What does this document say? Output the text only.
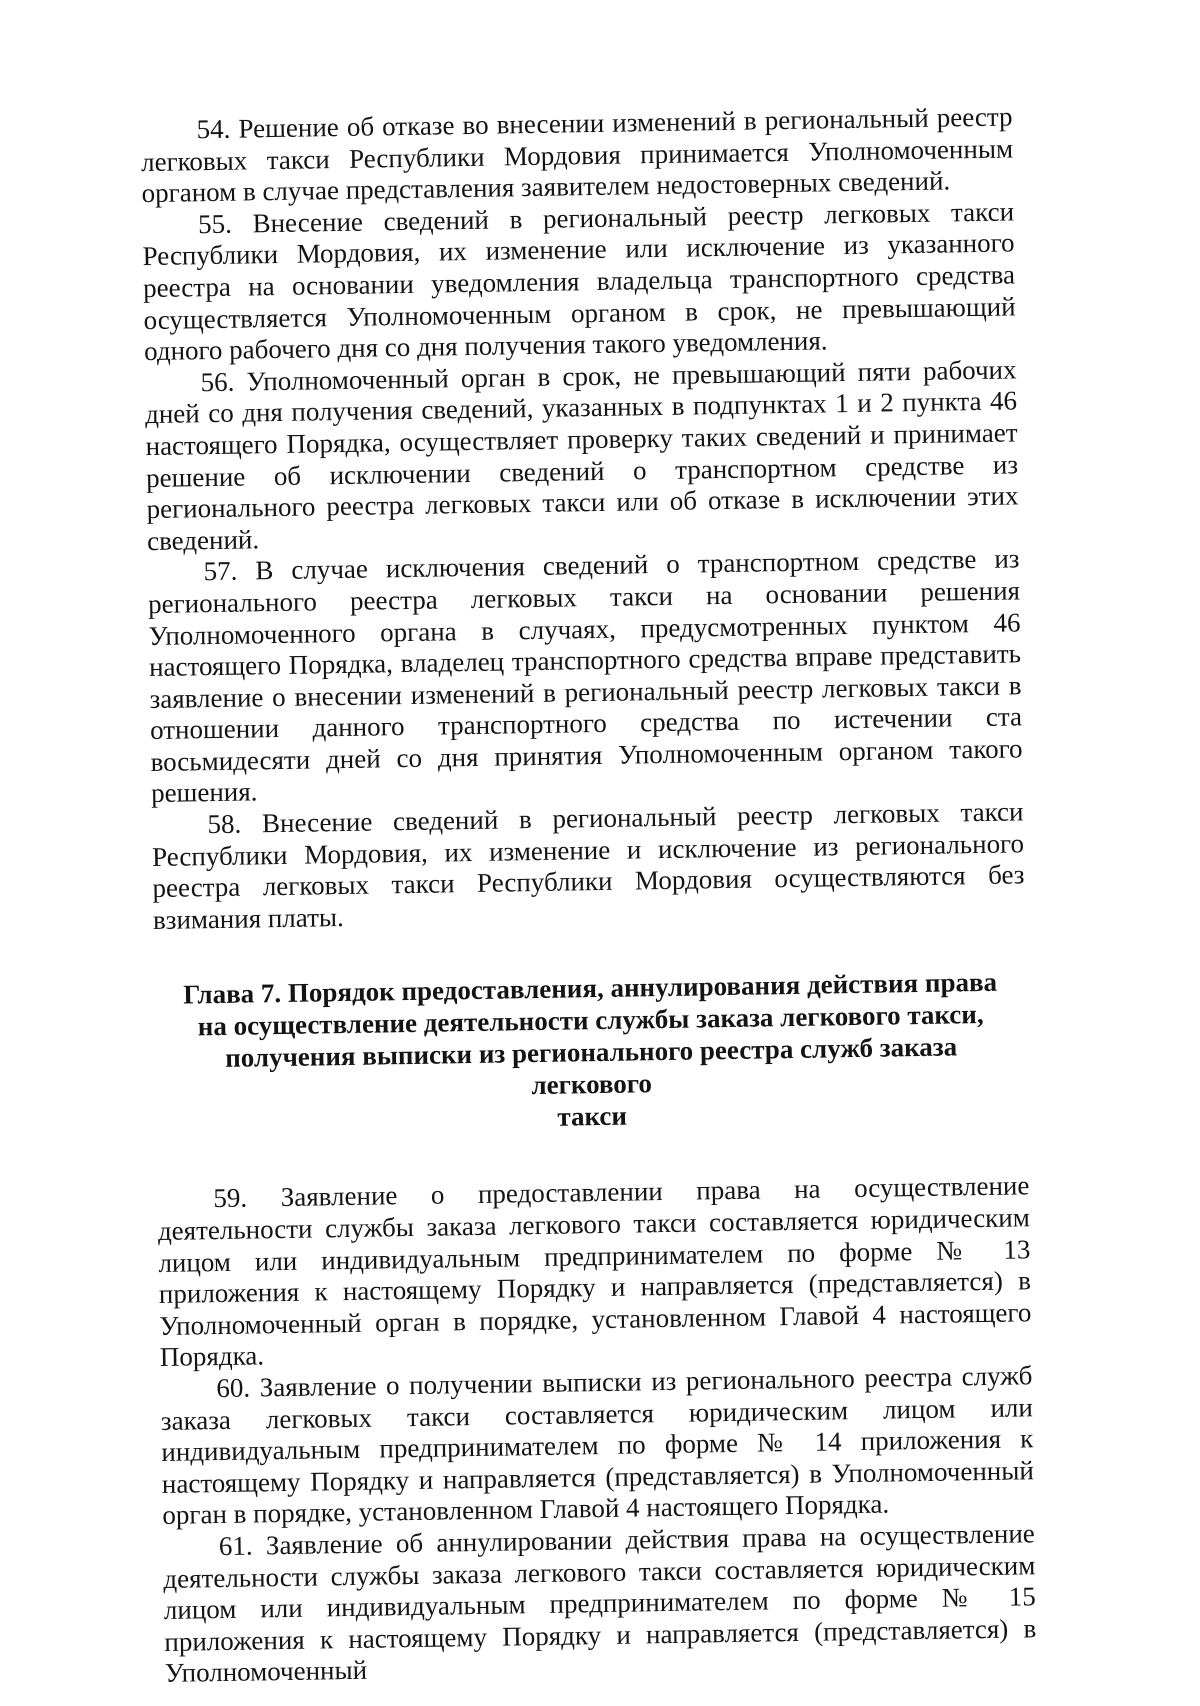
54. Решение об отказе во внесении изменений в региональный реестр легковых такси Республики Мордовия принимается Уполномоченным органом в случае представления заявителем недостоверных сведений.

55. Внесение сведений в региональный реестр легковых такси Республики Мордовия, их изменение или исключение из указанного реестра на основании уведомления владельца транспортного средства осуществляется Уполномоченным органом в срок, не превышающий одного рабочего дня со дня получения такого уведомления.

56. Уполномоченный орган в срок, не превышающий пяти рабочих дней со дня получения сведений, указанных в подпунктах 1 и 2 пункта 46 настоящего Порядка, осуществляет проверку таких сведений и принимает решение об исключении сведений о транспортном средстве из регионального реестра легковых такси или об отказе в исключении этих сведений.

57. В случае исключения сведений о транспортном средстве из регионального реестра легковых такси на основании решения Уполномоченного органа в случаях, предусмотренных пунктом 46 настоящего Порядка, владелец транспортного средства вправе представить заявление о внесении изменений в региональный реестр легковых такси в отношении данного транспортного средства по истечении ста восьмидесяти дней со дня принятия Уполномоченным органом такого решения.

58. Внесение сведений в региональный реестр легковых такси Республики Мордовия, их изменение и исключение из регионального реестра легковых такси Республики Мордовия осуществляются без взимания платы.

Глава 7. Порядок предоставления, аннулирования действия права
на осуществление деятельности службы заказа легкового такси,
получения выписки из регионального реестра служб заказа легкового
такси

59. Заявление о предоставлении права на осуществление деятельности службы заказа легкового такси составляется юридическим лицом или индивидуальным предпринимателем по форме № 13 приложения к настоящему Порядку и направляется (представляется) в Уполномоченный орган в порядке, установленном Главой 4 настоящего Порядка.

60. Заявление о получении выписки из регионального реестра служб заказа легковых такси составляется юридическим лицом или индивидуальным предпринимателем по форме № 14 приложения к настоящему Порядку и направляется (представляется) в Уполномоченный орган в порядке, установленном Главой 4 настоящего Порядка.

61. Заявление об аннулировании действия права на осуществление деятельности службы заказа легкового такси составляется юридическим лицом или индивидуальным предпринимателем по форме № 15 приложения к настоящему Порядку и направляется (представляется) в Уполномоченный
